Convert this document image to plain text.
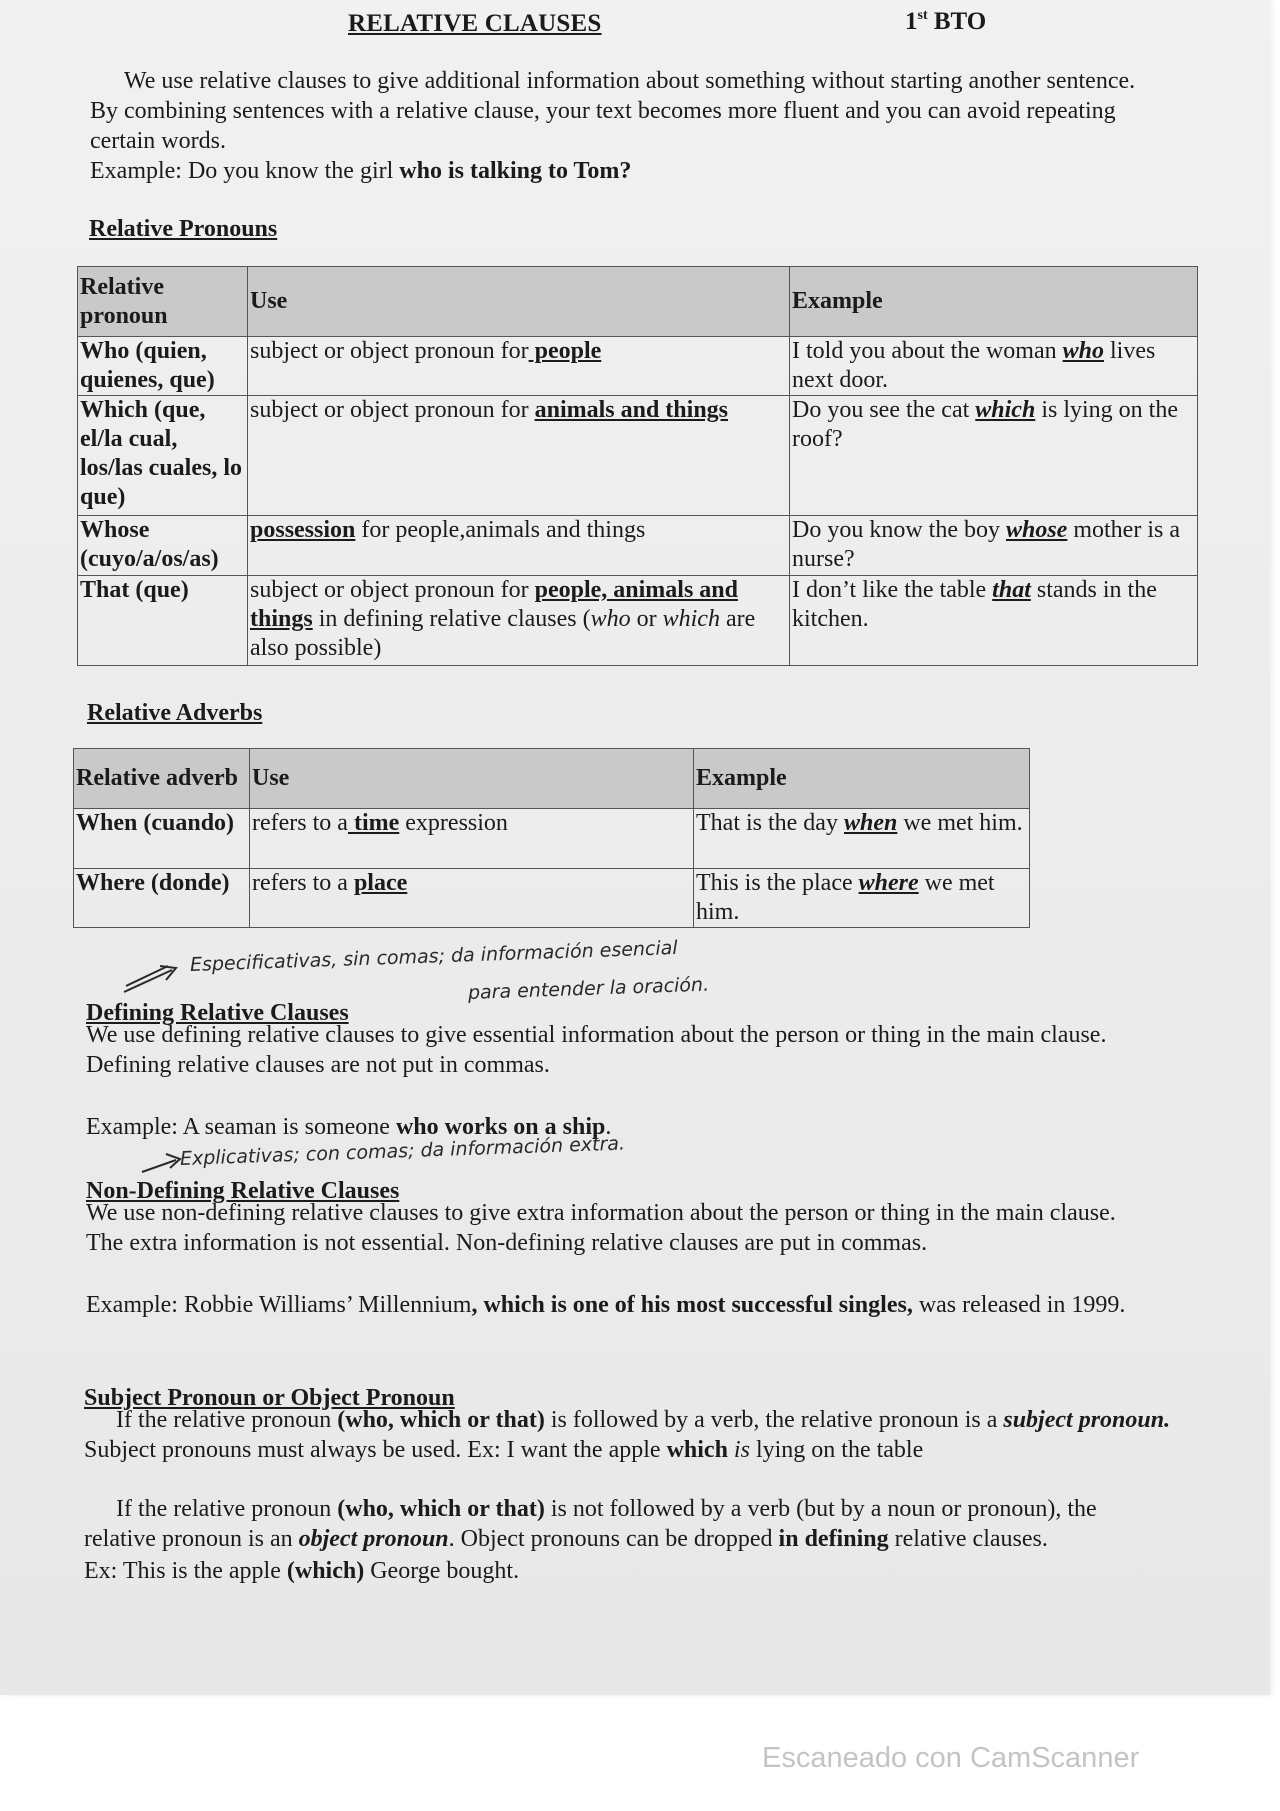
RELATIVE CLAUSES	1st BTO
We use relative clauses to give additional information about something without starting another sentence. By combining sentences with a relative clause, your text becomes more fluent and you can avoid repeating certain words.
Example: Do you know the girl who is talking to Tom?
Relative Pronouns
Relative pronoun	Use	Example
Who (quien, quienes, que)	subject or object pronoun for people	I told you about the woman who lives next door.
Which (que, el/la cual, los/las cuales, lo que)	subject or object pronoun for animals and things	Do you see the cat which is lying on the roof?
Whose (cuyo/a/os/as)	possession for people,animals and things	Do you know the boy whose mother is a nurse?
That (que)	subject or object pronoun for people, animals and things in defining relative clauses (who or which are also possible)	I don’t like the table that stands in the kitchen.
Relative Adverbs
Relative adverb	Use	Example
When (cuando)	refers to a time expression	That is the day when we met him.
Where (donde)	refers to a place	This is the place where we met him.
Especificativas, sin comas; da información esencial
para entender la oración.
Defining Relative Clauses
We use defining relative clauses to give essential information about the person or thing in the main clause. Defining relative clauses are not put in commas.
Example: A seaman is someone who works on a ship.
Explicativas; con comas; da información extra.
Non-Defining Relative Clauses
We use non-defining relative clauses to give extra information about the person or thing in the main clause. The extra information is not essential. Non-defining relative clauses are put in commas.
Example: Robbie Williams’ Millennium, which is one of his most successful singles, was released in 1999.
Subject Pronoun or Object Pronoun
If the relative pronoun (who, which or that) is followed by a verb, the relative pronoun is a subject pronoun. Subject pronouns must always be used. Ex: I want the apple which is lying on the table
If the relative pronoun (who, which or that) is not followed by a verb (but by a noun or pronoun), the relative pronoun is an object pronoun. Object pronouns can be dropped in defining relative clauses.
Ex: This is the apple (which) George bought.
Escaneado con CamScanner
